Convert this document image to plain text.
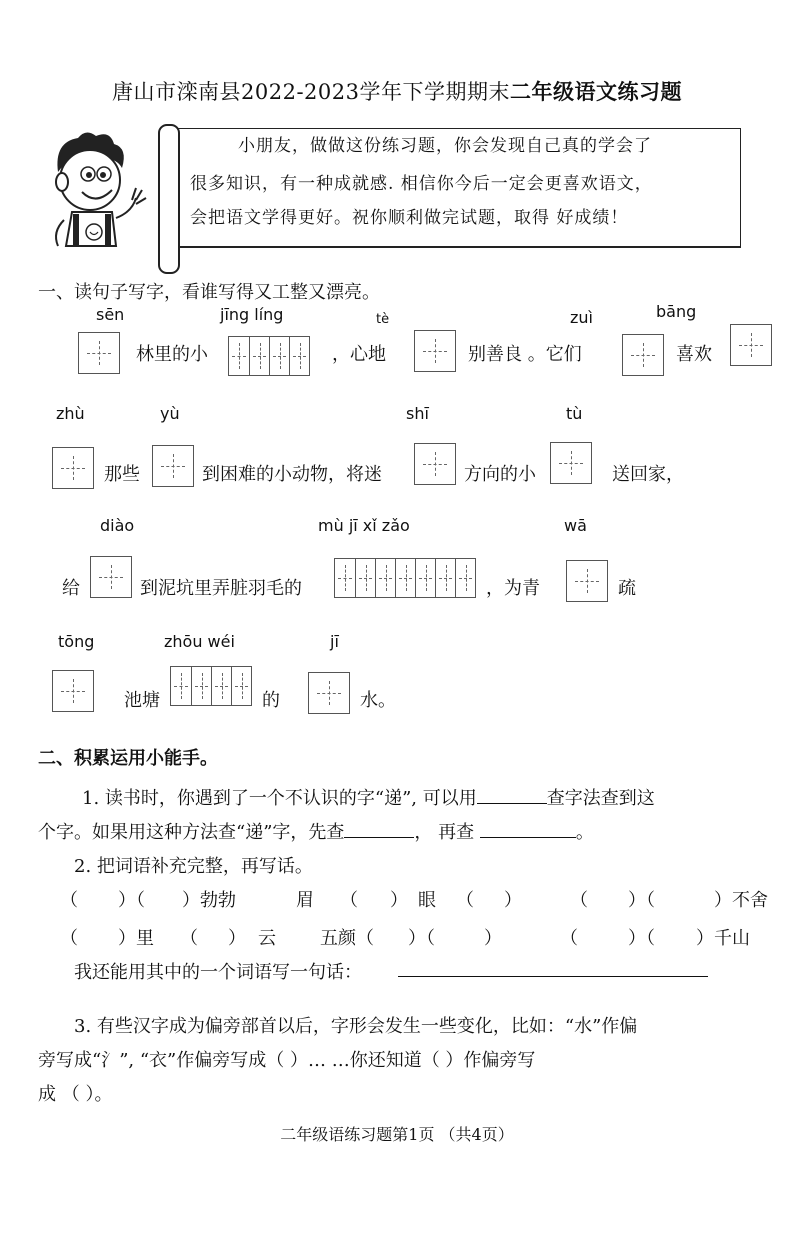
唐山市滦南县2022-2023学年下学期期末二年级语文练习题
小朋友，做做这份练习题，你会发现自己真的学会了
很多知识，有一种成就感. 相信你今后一定会更喜欢语文，
会把语文学得更好。祝你顺利做完试题，取得 好成绩！
一、读句子写字，看谁写得又工整又漂亮。
sēn	jīng líng	tè	zuì	bāng
林里的小	，心地	别善良 。它们	喜欢
zhù	yù	shī	tù
那些	到困难的小动物，将迷	方向的小	送回家，
diào	mù jī xǐ zǎo	wā
给	到泥坑里弄脏羽毛的	，为青	疏
tōng	zhōu wéi	jī
池塘	的	水。
二、积累运用小能手。
1. 读书时，你遇到了一个不认识的字“递”, 可以用	查字法查到这
个字。如果用这种方法查“递”字，先查	， 再查	。
2. 把词语补充完整，再写话。
（ ）（ ）勃勃	眉 （ ） 眼 （ ）	（ ）（	）不舍
（ ）里 （ ） 云 五颜（ ）（	）	（	）（ ）千山
我还能用其中的一个词语写一句话：
3. 有些汉字成为偏旁部首以后，字形会发生一些变化，比如：“水”作偏
旁写成“氵”, “衣”作偏旁写成（ ）… …你还知道（ ）作偏旁写
成 （ ）。
二年级语练习题第1页 （共4页）
